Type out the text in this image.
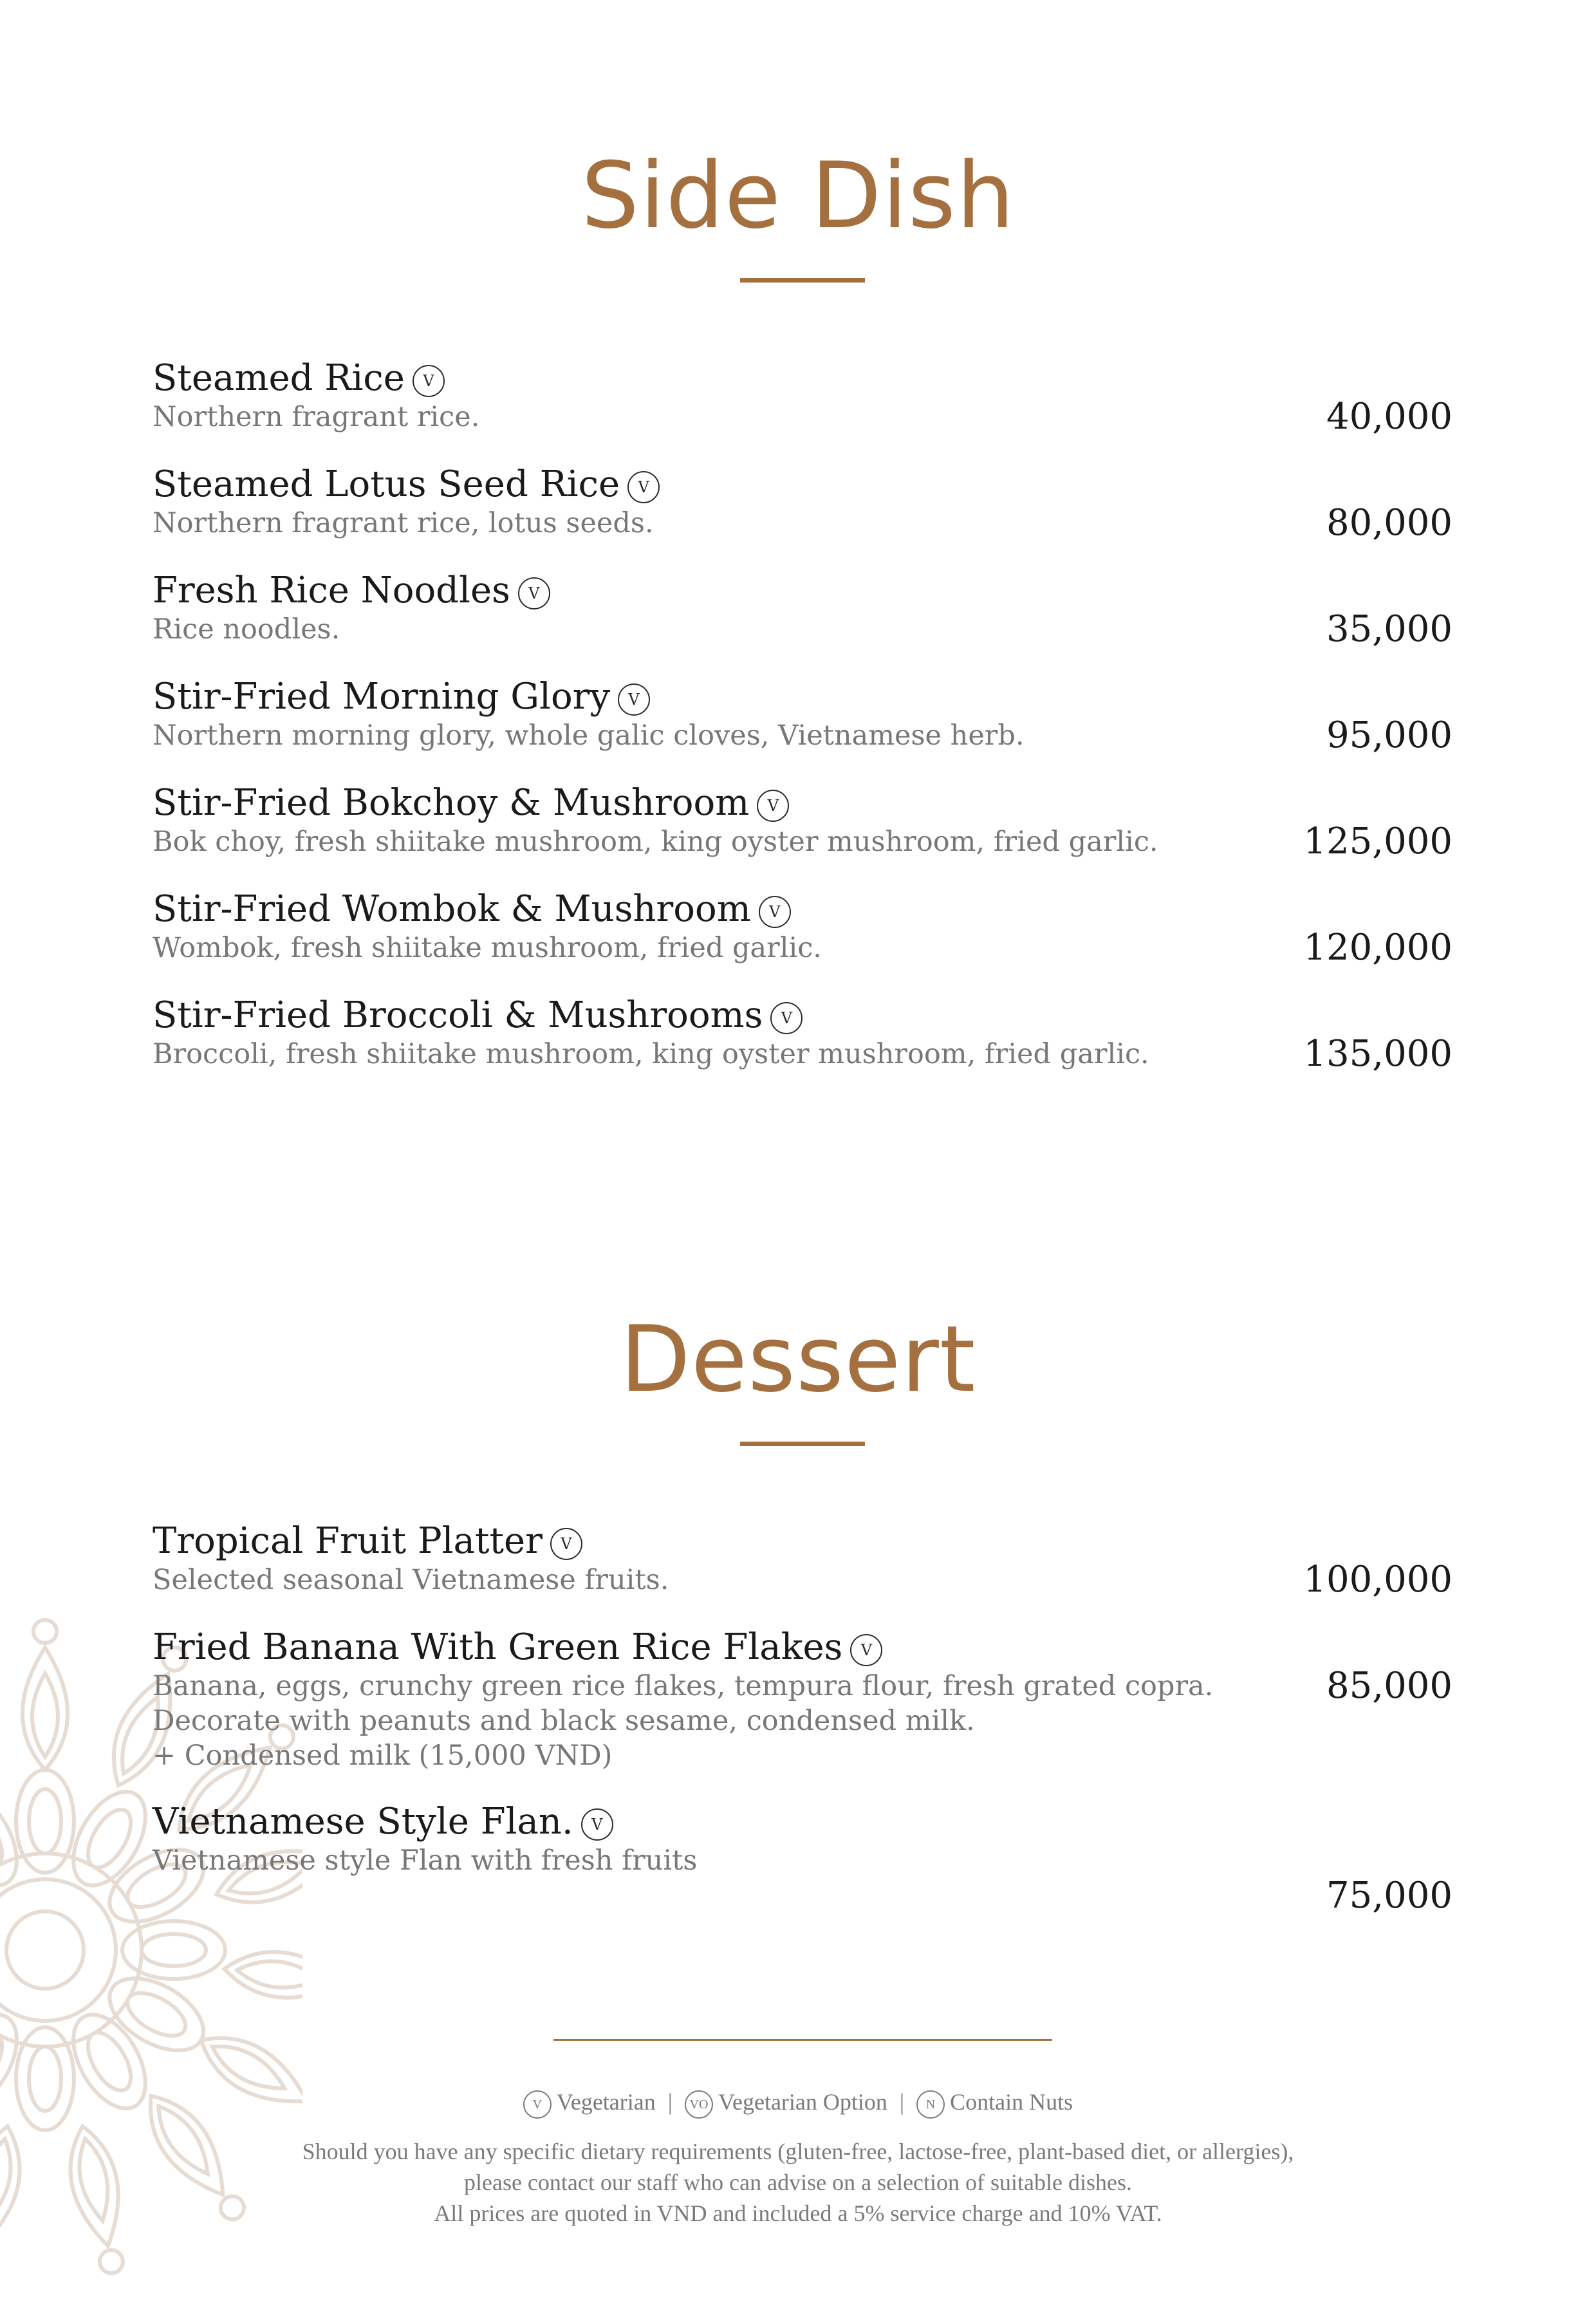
Side Dish
Steamed Rice V
Northern fragrant rice.	40,000
Steamed Lotus Seed Rice V
Northern fragrant rice, lotus seeds.	80,000
Fresh Rice Noodles V
Rice noodles.	35,000
Stir-Fried Morning Glory V
Northern morning glory, whole galic cloves, Vietnamese herb.	95,000
Stir-Fried Bokchoy & Mushroom V
Bok choy, fresh shiitake mushroom, king oyster mushroom, fried garlic.	125,000
Stir-Fried Wombok & Mushroom V
Wombok, fresh shiitake mushroom, fried garlic.	120,000
Stir-Fried Broccoli & Mushrooms V
Broccoli, fresh shiitake mushroom, king oyster mushroom, fried garlic.	135,000
Dessert
Tropical Fruit Platter V
Selected seasonal Vietnamese fruits.	100,000
Fried Banana With Green Rice Flakes V
Banana, eggs, crunchy green rice flakes, tempura flour, fresh grated copra.
Decorate with peanuts and black sesame, condensed milk.
+ Condensed milk (15,000 VND)
85,000
Vietnamese Style Flan. V
Vietnamese style Flan with fresh fruits
75,000
V Vegetarian | VO Vegetarian Option | N Contain Nuts
Should you have any specific dietary requirements (gluten-free, lactose-free, plant-based diet, or allergies),
please contact our staff who can advise on a selection of suitable dishes.
All prices are quoted in VND and included a 5% service charge and 10% VAT.
